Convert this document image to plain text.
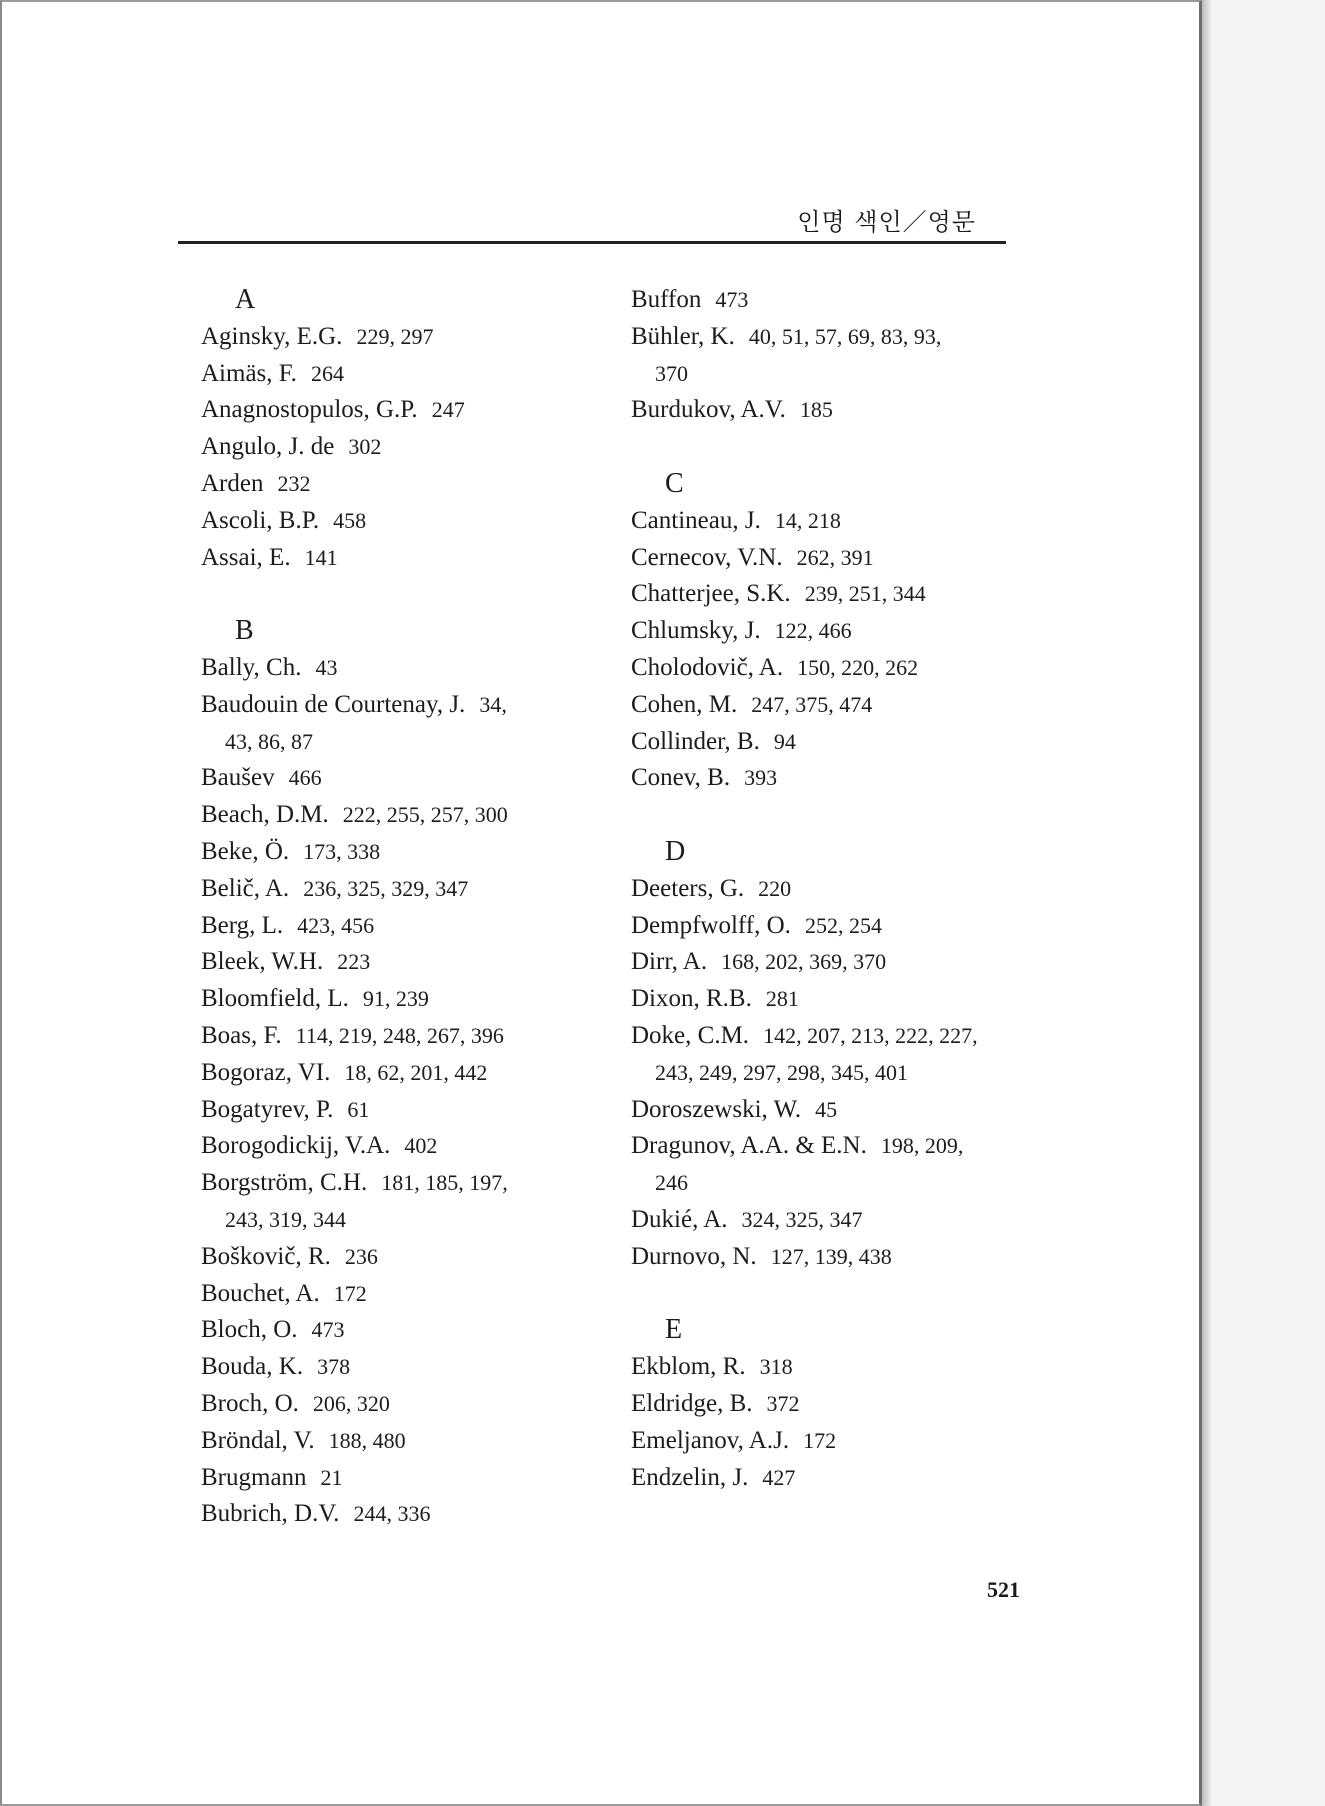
인명 색인／영문
A
Aginsky, E.G. 229, 297
Aimäs, F. 264
Anagnostopulos, G.P. 247
Angulo, J. de 302
Arden 232
Ascoli, B.P. 458
Assai, E. 141
B
Bally, Ch. 43
Baudouin de Courtenay, J. 34,
43, 86, 87
Baušev 466
Beach, D.M. 222, 255, 257, 300
Beke, Ö. 173, 338
Belič, A. 236, 325, 329, 347
Berg, L. 423, 456
Bleek, W.H. 223
Bloomfield, L. 91, 239
Boas, F. 114, 219, 248, 267, 396
Bogoraz, VI. 18, 62, 201, 442
Bogatyrev, P. 61
Borogodickij, V.A. 402
Borgström, C.H. 181, 185, 197,
243, 319, 344
Boškovič, R. 236
Bouchet, A. 172
Bloch, O. 473
Bouda, K. 378
Broch, O. 206, 320
Bröndal, V. 188, 480
Brugmann 21
Bubrich, D.V. 244, 336
Buffon 473
Bühler, K. 40, 51, 57, 69, 83, 93,
370
Burdukov, A.V. 185
C
Cantineau, J. 14, 218
Cernecov, V.N. 262, 391
Chatterjee, S.K. 239, 251, 344
Chlumsky, J. 122, 466
Cholodovič, A. 150, 220, 262
Cohen, M. 247, 375, 474
Collinder, B. 94
Conev, B. 393
D
Deeters, G. 220
Dempfwolff, O. 252, 254
Dirr, A. 168, 202, 369, 370
Dixon, R.B. 281
Doke, C.M. 142, 207, 213, 222, 227,
243, 249, 297, 298, 345, 401
Doroszewski, W. 45
Dragunov, A.A. & E.N. 198, 209,
246
Dukié, A. 324, 325, 347
Durnovo, N. 127, 139, 438
E
Ekblom, R. 318
Eldridge, B. 372
Emeljanov, A.J. 172
Endzelin, J. 427
521
